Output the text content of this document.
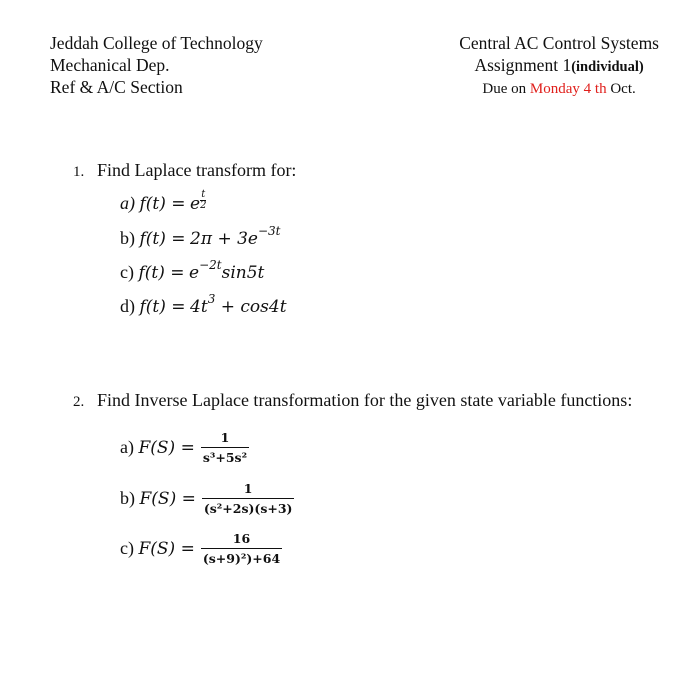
Jeddah College of Technology
Mechanical Dep.
Ref & A/C Section
Central AC Control Systems
Assignment 1(individual)
Due on Monday 4 th Oct.
1. Find Laplace transform for:
a) f(t) = e $\frac{t}{2}$
b) $f(t) = 2\pi + 3e^{-3t}$
c) $f(t) = e^{-2t}\sin 5t$
d) $f(t) = 4t^3 + \cos 4t$
2. Find Inverse Laplace transformation for the given state variable functions:
a)
$F(S) = \frac{1}{\text{s³+5s²}}$
b)
$F(S) = \frac{1}{\text{(s²+2s)(s+3)}}$
c)
$F(S) = \frac{16}{\text{(s+9)²)+64}}$
